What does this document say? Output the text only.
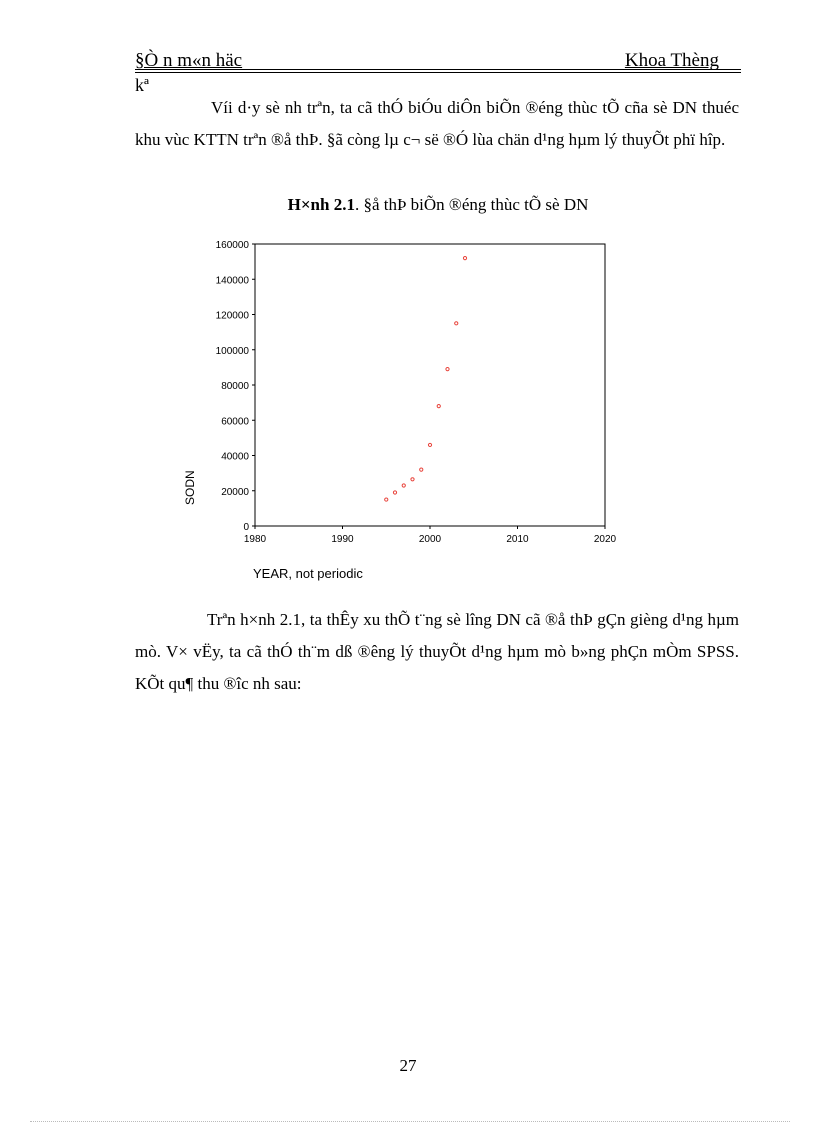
§Ò n m«n häc	Khoa Thèng
kª

Víi d·y sè nh trªn, ta cã thÓ biÓu diÔn biÕn ®éng thùc tÕ cña sè DN thuéc khu vùc KTTN trªn ®å thÞ. §ã còng lµ c¬ së ®Ó lùa chän d¹ng hµm lý thuyÕt phï hîp.

H×nh 2.1. §å thÞ biÕn ®éng thùc tÕ sè DN
0
20000
40000
60000
80000
100000
120000
140000
160000
1980	1990	2000	2010	2020
SODN
YEAR, not periodic

Trªn h×nh 2.1, ta thÊy xu thÕ t¨ng sè lîng DN cã ®å thÞ gÇn gièng d¹ng hµm mò. V× vËy, ta cã thÓ th¨m dß ®êng lý thuyÕt d¹ng hµm mò b»ng phÇn mÒm SPSS. KÕt qu¶ thu ®îc nh sau:

27
